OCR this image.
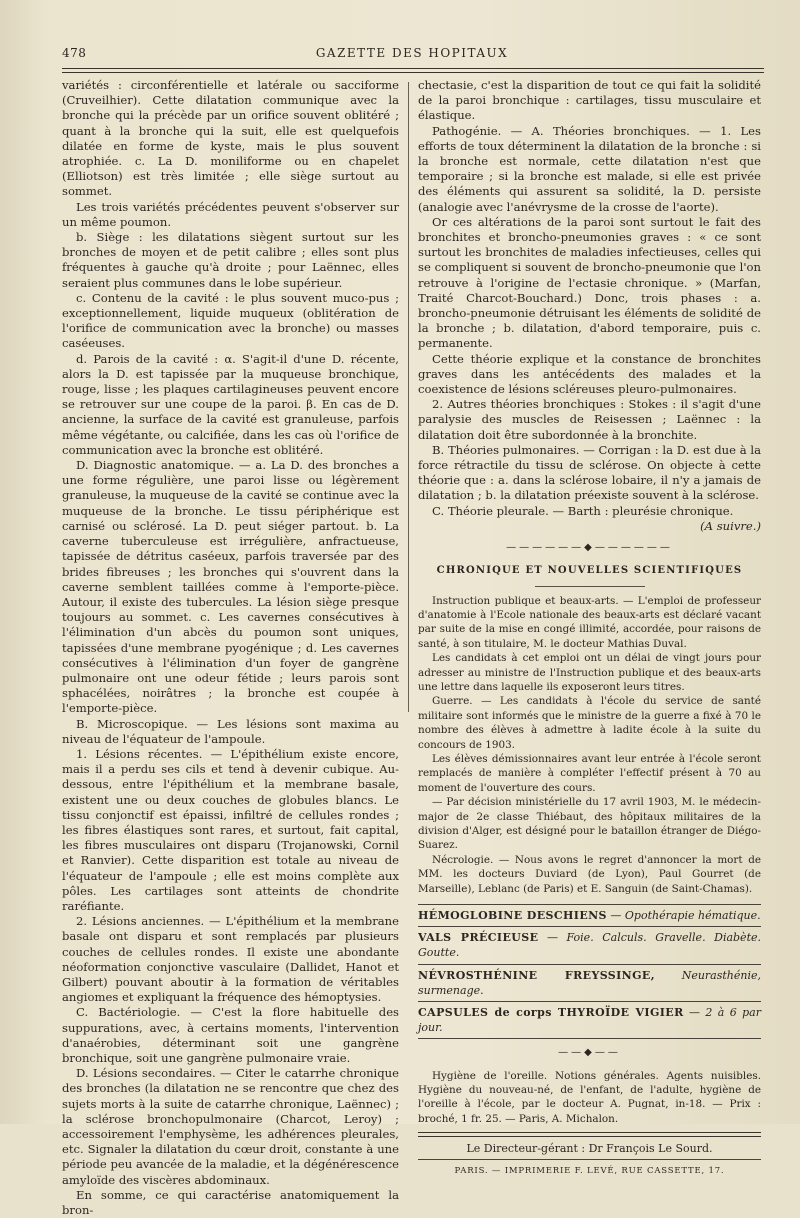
478	GAZETTE DES HOPITAUX

variétés : circonférentielle et latérale ou sacciforme (Cruveilhier). Cette dilatation communique avec la bronche qui la précède par un orifice souvent oblitéré ; quant à la bronche qui la suit, elle est quelquefois dilatée en forme de kyste, mais le plus souvent atrophiée. c. La D. moniliforme ou en chapelet (Elliotson) est très limitée ; elle siège surtout au sommet.

Les trois variétés précédentes peuvent s'observer sur un même poumon.

b. Siège : les dilatations siègent surtout sur les bronches de moyen et de petit calibre ; elles sont plus fréquentes à gauche qu'à droite ; pour Laënnec, elles seraient plus communes dans le lobe supérieur.

c. Contenu de la cavité : le plus souvent muco-pus ; exceptionnellement, liquide muqueux (oblitération de l'orifice de communication avec la bronche) ou masses caséeuses.

d. Parois de la cavité : α. S'agit-il d'une D. récente, alors la D. est tapissée par la muqueuse bronchique, rouge, lisse ; les plaques cartilagineuses peuvent encore se retrouver sur une coupe de la paroi. β. En cas de D. ancienne, la surface de la cavité est granuleuse, parfois même végétante, ou calcifiée, dans les cas où l'orifice de communication avec la bronche est oblitéré.

D. Diagnostic anatomique. — a. La D. des bronches a une forme régulière, une paroi lisse ou légèrement granuleuse, la muqueuse de la cavité se continue avec la muqueuse de la bronche. Le tissu périphérique est carnisé ou sclérosé. La D. peut siéger partout. b. La caverne tuberculeuse est irrégulière, anfractueuse, tapissée de détritus caséeux, parfois traversée par des brides fibreuses ; les bronches qui s'ouvrent dans la caverne semblent taillées comme à l'emporte-pièce. Autour, il existe des tubercules. La lésion siège presque toujours au sommet. c. Les cavernes consécutives à l'élimination d'un abcès du poumon sont uniques, tapissées d'une membrane pyogénique ; d. Les cavernes consécutives à l'élimination d'un foyer de gangrène pulmonaire ont une odeur fétide ; leurs parois sont sphacélées, noirâtres ; la bronche est coupée à l'emporte-pièce.

B. Microscopique. — Les lésions sont maxima au niveau de l'équateur de l'ampoule.

1. Lésions récentes. — L'épithélium existe encore, mais il a perdu ses cils et tend à devenir cubique. Au-dessous, entre l'épithélium et la membrane basale, existent une ou deux couches de globules blancs. Le tissu conjonctif est épaissi, infiltré de cellules rondes ; les fibres élastiques sont rares, et surtout, fait capital, les fibres musculaires ont disparu (Trojanowski, Cornil et Ranvier). Cette disparition est totale au niveau de l'équateur de l'ampoule ; elle est moins complète aux pôles. Les cartilages sont atteints de chondrite raréfiante.

2. Lésions anciennes. — L'épithélium et la membrane basale ont disparu et sont remplacés par plusieurs couches de cellules rondes. Il existe une abondante néoformation conjonctive vasculaire (Dallidet, Hanot et Gilbert) pouvant aboutir à la formation de véritables angiomes et expliquant la fréquence des hémoptysies.

C. Bactériologie. — C'est la flore habituelle des suppurations, avec, à certains moments, l'intervention d'anaérobies, déterminant soit une gangrène bronchique, soit une gangrène pulmonaire vraie.

D. Lésions secondaires. — Citer le catarrhe chronique des bronches (la dilatation ne se rencontre que chez des sujets morts à la suite de catarrhe chronique, Laënnec) ; la sclérose bronchopulmonaire (Charcot, Leroy) ; accessoirement l'emphysème, les adhérences pleurales, etc. Signaler la dilatation du cœur droit, constante à une période peu avancée de la maladie, et la dégénérescence amyloïde des viscères abdominaux.

En somme, ce qui caractérise anatomiquement la bron-

chectasie, c'est la disparition de tout ce qui fait la solidité de la paroi bronchique : cartilages, tissu musculaire et élastique.

Pathogénie. — A. Théories bronchiques. — 1. Les efforts de toux déterminent la dilatation de la bronche : si la bronche est normale, cette dilatation n'est que temporaire ; si la bronche est malade, si elle est privée des éléments qui assurent sa solidité, la D. persiste (analogie avec l'anévrysme de la crosse de l'aorte).

Or ces altérations de la paroi sont surtout le fait des bronchites et broncho-pneumonies graves : « ce sont surtout les bronchites de maladies infectieuses, celles qui se compliquent si souvent de broncho-pneumonie que l'on retrouve à l'origine de l'ectasie chronique. » (Marfan, Traité Charcot-Bouchard.) Donc, trois phases : a. broncho-pneumonie détruisant les éléments de solidité de la bronche ; b. dilatation, d'abord temporaire, puis c. permanente.

Cette théorie explique et la constance de bronchites graves dans les antécédents des malades et la coexistence de lésions scléreuses pleuro-pulmonaires.

2. Autres théories bronchiques : Stokes : il s'agit d'une paralysie des muscles de Reisessen ; Laënnec : la dilatation doit être subordonnée à la bronchite.

B. Théories pulmonaires. — Corrigan : la D. est due à la force rétractile du tissu de sclérose. On objecte à cette théorie que : a. dans la sclérose lobaire, il n'y a jamais de dilatation ; b. la dilatation préexiste souvent à la sclérose.

C. Théorie pleurale. — Barth : pleurésie chronique.

(A suivre.)

——————◆——————
CHRONIQUE ET NOUVELLES SCIENTIFIQUES

Instruction publique et beaux-arts. — L'emploi de professeur d'anatomie à l'Ecole nationale des beaux-arts est déclaré vacant par suite de la mise en congé illimité, accordée, pour raisons de santé, à son titulaire, M. le docteur Mathias Duval.

Les candidats à cet emploi ont un délai de vingt jours pour adresser au ministre de l'Instruction publique et des beaux-arts une lettre dans laquelle ils exposeront leurs titres.

Guerre. — Les candidats à l'école du service de santé militaire sont informés que le ministre de la guerre a fixé à 70 le nombre des élèves à admettre à ladite école à la suite du concours de 1903.

Les élèves démissionnaires avant leur entrée à l'école seront remplacés de manière à compléter l'effectif présent à 70 au moment de l'ouverture des cours.

— Par décision ministérielle du 17 avril 1903, M. le médecin-major de 2e classe Thiébaut, des hôpitaux militaires de la division d'Alger, est désigné pour le bataillon étranger de Diégo-Suarez.

Nécrologie. — Nous avons le regret d'annoncer la mort de MM. les docteurs Duviard (de Lyon), Paul Gourret (de Marseille), Leblanc (de Paris) et E. Sanguin (de Saint-Chamas).

HÉMOGLOBINE DESCHIENS — Opothérapie hématique.

VALS PRÉCIEUSE — Foie. Calculs. Gravelle. Diabète. Goutte.

NÉVROSTHÉNINE FREYSSINGE, Neurasthénie, surmenage.

CAPSULES de corps THYROÏDE VIGIER — 2 à 6 par jour.

——◆——

Hygiène de l'oreille. Notions générales. Agents nuisibles. Hygiène du nouveau-né, de l'enfant, de l'adulte, hygiène de l'oreille à l'école, par le docteur A. Pugnat, in-18. — Prix : broché, 1 fr. 25. — Paris, A. Michalon.

Le Directeur-gérant : Dr François Le Sourd.
PARIS. — IMPRIMERIE F. LEVÉ, RUE CASSETTE, 17.
